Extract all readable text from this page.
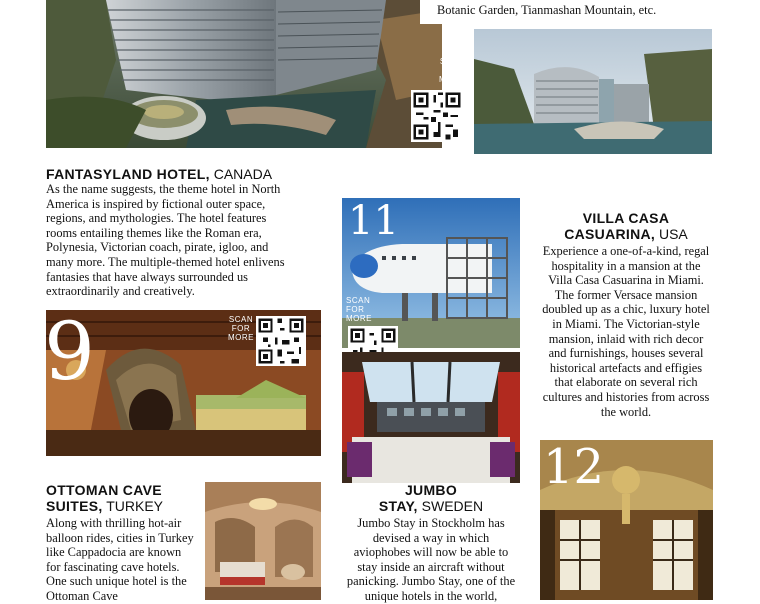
SCAN
FOR
MORE
Botanic Garden, Tianmashan Mountain, etc.
FANTASYLAND HOTEL, CANADA
As the name suggests, the theme hotel in North America is inspired by fictional outer space, regions, and mythologies. The hotel features rooms entailing themes like the Roman era, Polynesia, Victorian coach, pirate, igloo, and many more. The multiple-themed hotel enlivens fantasies that have always surrounded us extraordinarily and creatively.
9	SCAN
FOR
MORE
11
SCAN
FOR
MORE
JUMBO
STAY, SWEDEN
Jumbo Stay in Stockholm has devised a way in which aviophobes will now be able to stay inside an aircraft without panicking. Jumbo Stay, one of the unique hotels in the world,
VILLA CASA
CASUARINA, USA
Experience a one-of-a-kind, regal hospitality in a mansion at the Villa Casa Casuarina in Miami. The former Versace mansion doubled up as a chic, luxury hotel in Miami. The Victorian-style mansion, inlaid with rich decor and furnishings, houses several historical artefacts and effigies that elaborate on several rich cultures and histories from across the world.
12
OTTOMAN CAVE
SUITES, TURKEY
Along with thrilling hot-air balloon rides, cities in Turkey like Cappadocia are known for fascinating cave hotels. One such unique hotel is the Ottoman Cave
